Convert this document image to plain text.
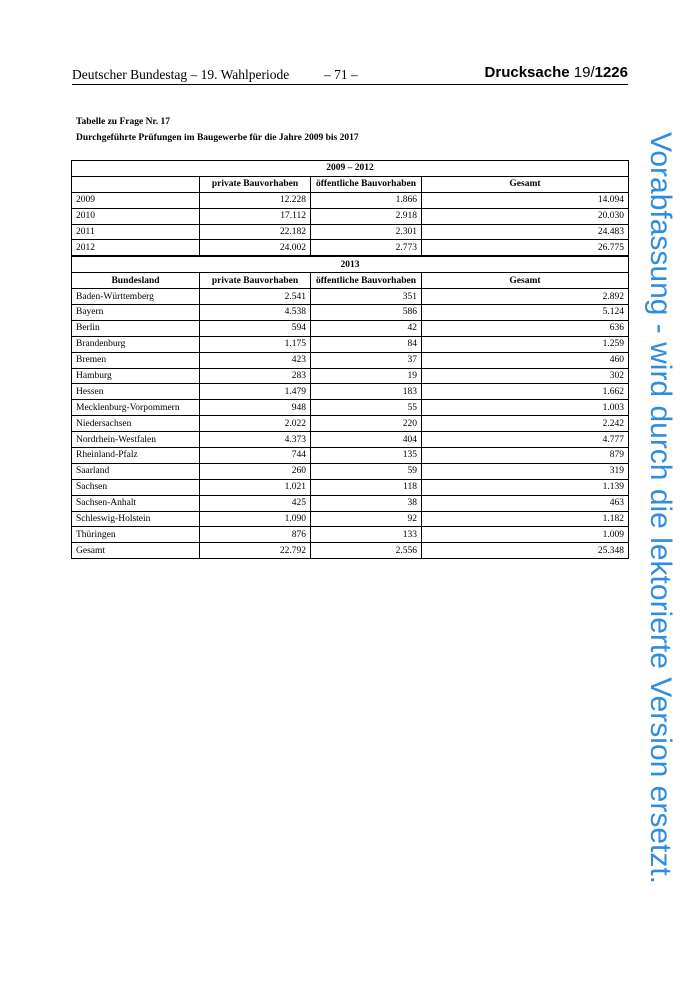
Deutscher Bundestag – 19. Wahlperiode	– 71 –	Drucksache 19/1226
Tabelle zu Frage Nr. 17
Durchgeführte Prüfungen im Baugewerbe für die Jahre 2009 bis 2017
2009 – 2012			
	private Bauvorhaben	öffentliche Bauvorhaben	Gesamt
2009	12.228	1.866	14.094
2010	17.112	2.918	20.030
2011	22.182	2.301	24.483
2012	24.002	2.773	26.775
2013			
Bundesland	private Bauvorhaben	öffentliche Bauvorhaben	Gesamt
Baden-Württemberg	2.541	351	2.892
Bayern	4.538	586	5.124
Berlin	594	42	636
Brandenburg	1.175	84	1.259
Bremen	423	37	460
Hamburg	283	19	302
Hessen	1.479	183	1.662
Mecklenburg-Vorpommern	948	55	1.003
Niedersachsen	2.022	220	2.242
Nordrhein-Westfalen	4.373	404	4.777
Rheinland-Pfalz	744	135	879
Saarland	260	59	319
Sachsen	1.021	118	1.139
Sachsen-Anhalt	425	38	463
Schleswig-Holstein	1.090	92	1.182
Thüringen	876	133	1.009
Gesamt	22.792	2.556	25.348 Vorabfassung - wird durch die lektorierte Version ersetzt.
